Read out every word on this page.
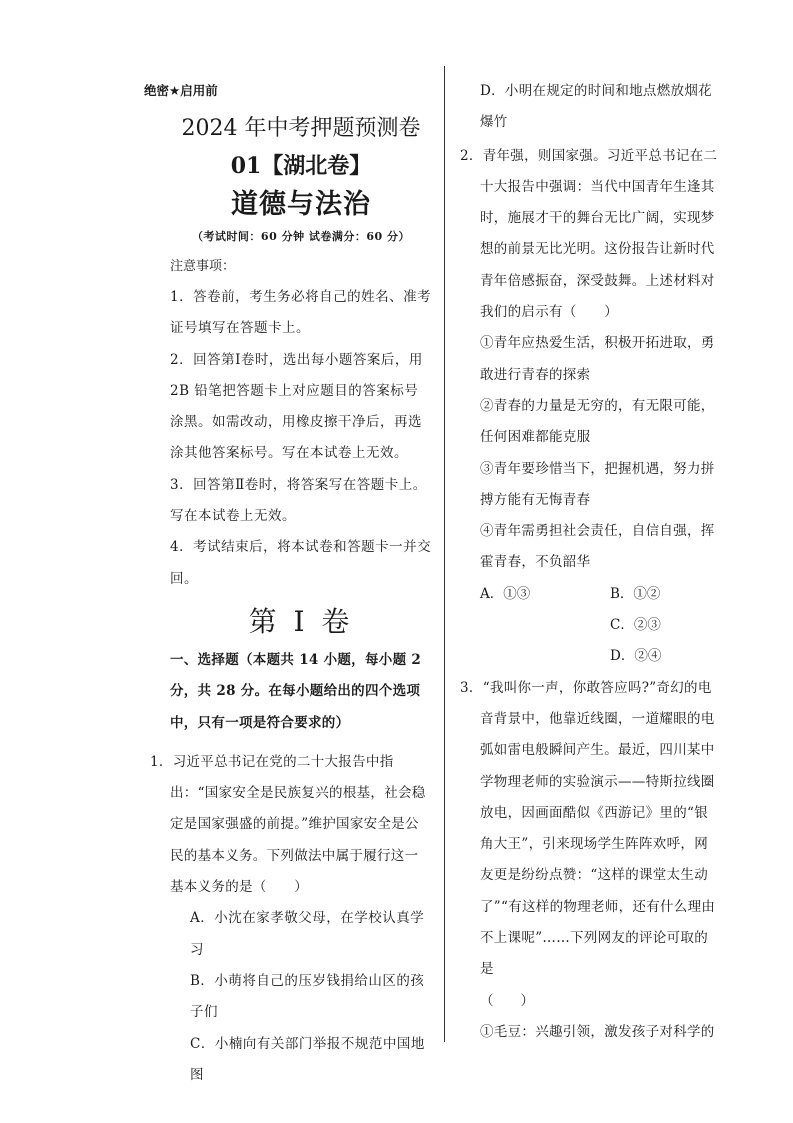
绝密★启用前
2024 年中考押题预测卷
01【湖北卷】
道德与法治
（考试时间：60 分钟 试卷满分：60 分）
注意事项：

1．答卷前，考生务必将自己的姓名、准考证号填写在答题卡上。

2．回答第Ⅰ卷时，选出每小题答案后，用2B 铅笔把答题卡上对应题目的答案标号涂黑。如需改动，用橡皮擦干净后，再选涂其他答案标号。写在本试卷上无效。

3．回答第Ⅱ卷时，将答案写在答题卡上。写在本试卷上无效。

4．考试结束后，将本试卷和答题卡一并交回。

第 I 卷
一、选择题（本题共 14 小题，每小题 2 分，共 28 分。在每小题给出的四个选项中，只有一项是符合要求的）
1．习近平总书记在党的二十大报告中指出：“国家安全是民族复兴的根基，社会稳定是国家强盛的前提。”维护国家安全是公民的基本义务。下列做法中属于履行这一基本义务的是（　　）
A．小沈在家孝敬父母，在学校认真学习
B．小萌将自己的压岁钱捐给山区的孩子们
C．小楠向有关部门举报不规范中国地图
D．小明在规定的时间和地点燃放烟花爆竹
2．青年强，则国家强。习近平总书记在二十大报告中强调：当代中国青年生逢其时，施展才干的舞台无比广阔，实现梦想的前景无比光明。这份报告让新时代青年倍感振奋，深受鼓舞。上述材料对我们的启示有（　　）
①青年应热爱生活，积极开拓进取，勇敢进行青春的探索
②青春的力量是无穷的，有无限可能，任何困难都能克服
③青年要珍惜当下，把握机遇，努力拼搏方能有无悔青春
④青年需勇担社会责任，自信自强，挥霍青春，不负韶华
A．①③	B．①②
C．②③
D．②④
3．“我叫你一声，你敢答应吗?”奇幻的电音背景中，他靠近线圈，一道耀眼的电弧如雷电般瞬间产生。最近，四川某中学物理老师的实验演示——特斯拉线圈放电，因画面酷似《西游记》里的“银角大王”，引来现场学生阵阵欢呼，网友更是纷纷点赞：“这样的课堂太生动了”“有这样的物理老师，还有什么理由不上课呢”……下列网友的评论可取的是
（　　）
①毛豆：兴趣引领，激发孩子对科学的
